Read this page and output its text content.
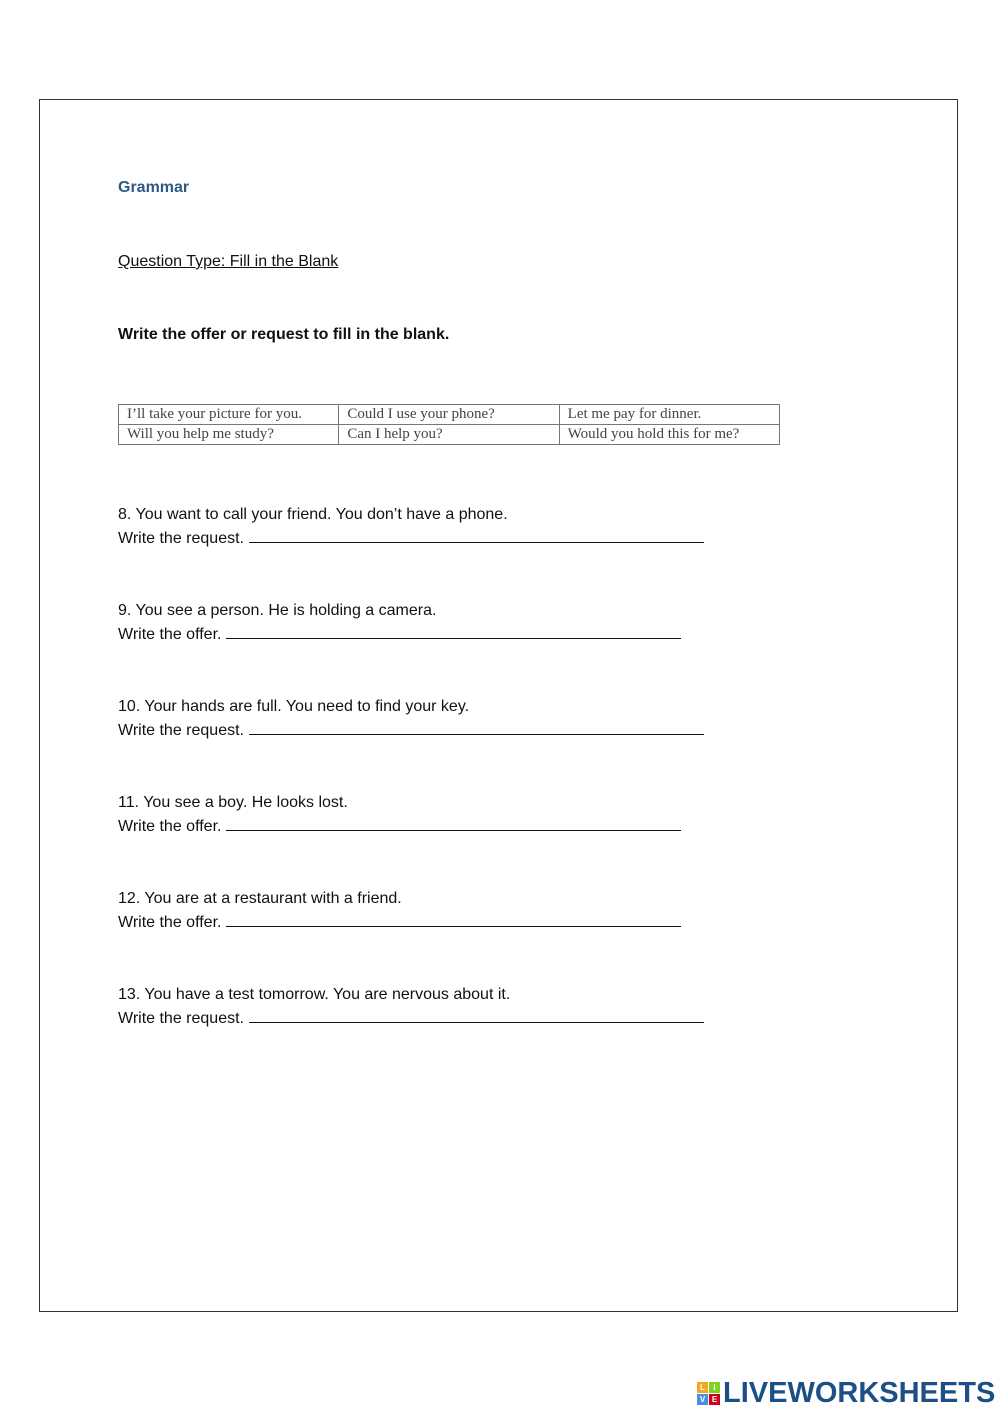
Grammar
Question Type: Fill in the Blank
Write the offer or request to fill in the blank.
I’ll take your picture for you.	Could I use your phone?	Let me pay for dinner.
Will you help me study?	Can I help you?	Would you hold this for me?
8. You want to call your friend. You don’t have a phone.
Write the request.
9. You see a person. He is holding a camera.
Write the offer.
10. Your hands are full. You need to find your key.
Write the request.
11. You see a boy. He looks lost.
Write the offer.
12. You are at a restaurant with a friend.
Write the offer.
13. You have a test tomorrow. You are nervous about it.
Write the request.
L	I
V E LIVEWORKSHEETS
